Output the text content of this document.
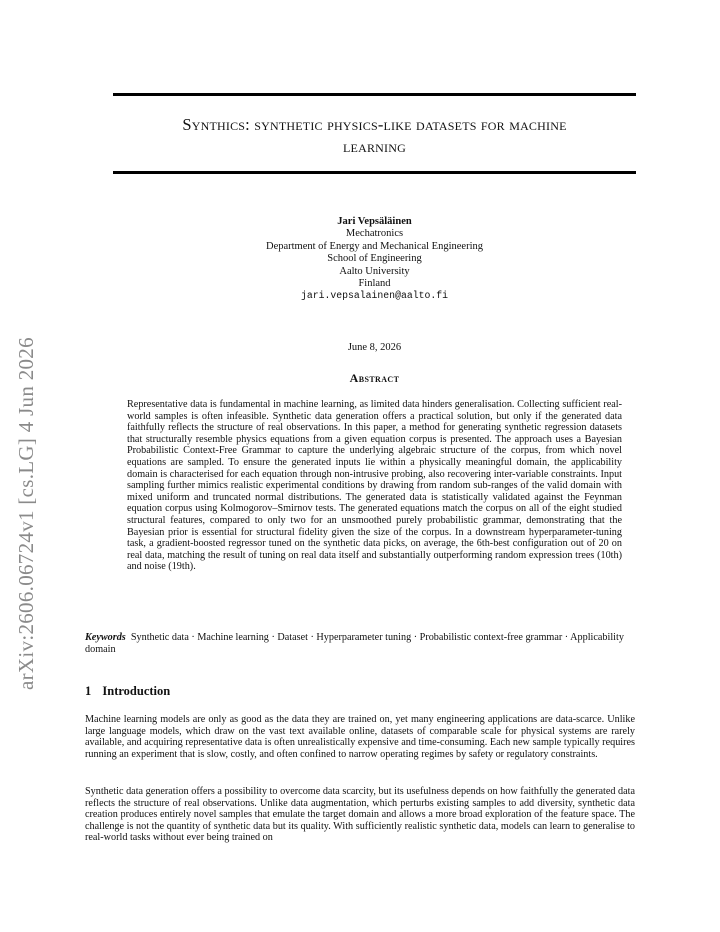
arXiv:2606.06724v1 [cs.LG] 4 Jun 2026
Synthics: synthetic physics-like datasets for machine
learning
Jari Vepsäläinen
Mechatronics
Department of Energy and Mechanical Engineering
School of Engineering
Aalto University
Finland
jari.vepsalainen@aalto.fi
June 8, 2026
Abstract
Representative data is fundamental in machine learning, as limited data hinders generalisation. Collecting sufficient real-world samples is often infeasible. Synthetic data generation offers a practical solution, but only if the generated data faithfully reflects the structure of real observations. In this paper, a method for generating synthetic regression datasets that structurally resemble physics equations from a given equation corpus is presented. The approach uses a Bayesian Probabilistic Context-Free Grammar to capture the underlying algebraic structure of the corpus, from which novel equations are sampled. To ensure the generated inputs lie within a physically meaningful domain, the applicability domain is characterised for each equation through non-intrusive probing, also recovering inter-variable constraints. Input sampling further mimics realistic experimental conditions by drawing from random sub-ranges of the valid domain with mixed uniform and truncated normal distributions. The generated data is statistically validated against the Feynman equation corpus using Kolmogorov–Smirnov tests. The generated equations match the corpus on all of the eight studied structural features, compared to only two for an unsmoothed purely probabilistic grammar, demonstrating that the Bayesian prior is essential for structural fidelity given the size of the corpus. In a downstream hyperparameter-tuning task, a gradient-boosted regressor tuned on the synthetic data picks, on average, the 6th-best configuration out of 20 on real data, matching the result of tuning on real data itself and substantially outperforming random expression trees (10th) and noise (19th).
Keywords Synthetic data · Machine learning · Dataset · Hyperparameter tuning · Probabilistic context-free grammar · Applicability domain
1 Introduction

Machine learning models are only as good as the data they are trained on, yet many engineering applications are data-scarce. Unlike large language models, which draw on the vast text available online, datasets of comparable scale for physical systems are rarely available, and acquiring representative data is often unrealistically expensive and time-consuming. Each new sample typically requires running an experiment that is slow, costly, and often confined to narrow operating regimes by safety or regulatory constraints.

Synthetic data generation offers a possibility to overcome data scarcity, but its usefulness depends on how faithfully the generated data reflects the structure of real observations. Unlike data augmentation, which perturbs existing samples to add diversity, synthetic data creation produces entirely novel samples that emulate the target domain and allows a more broad exploration of the feature space. The challenge is not the quantity of synthetic data but its quality. With sufficiently realistic synthetic data, models can learn to generalise to real-world tasks without ever being trained on
